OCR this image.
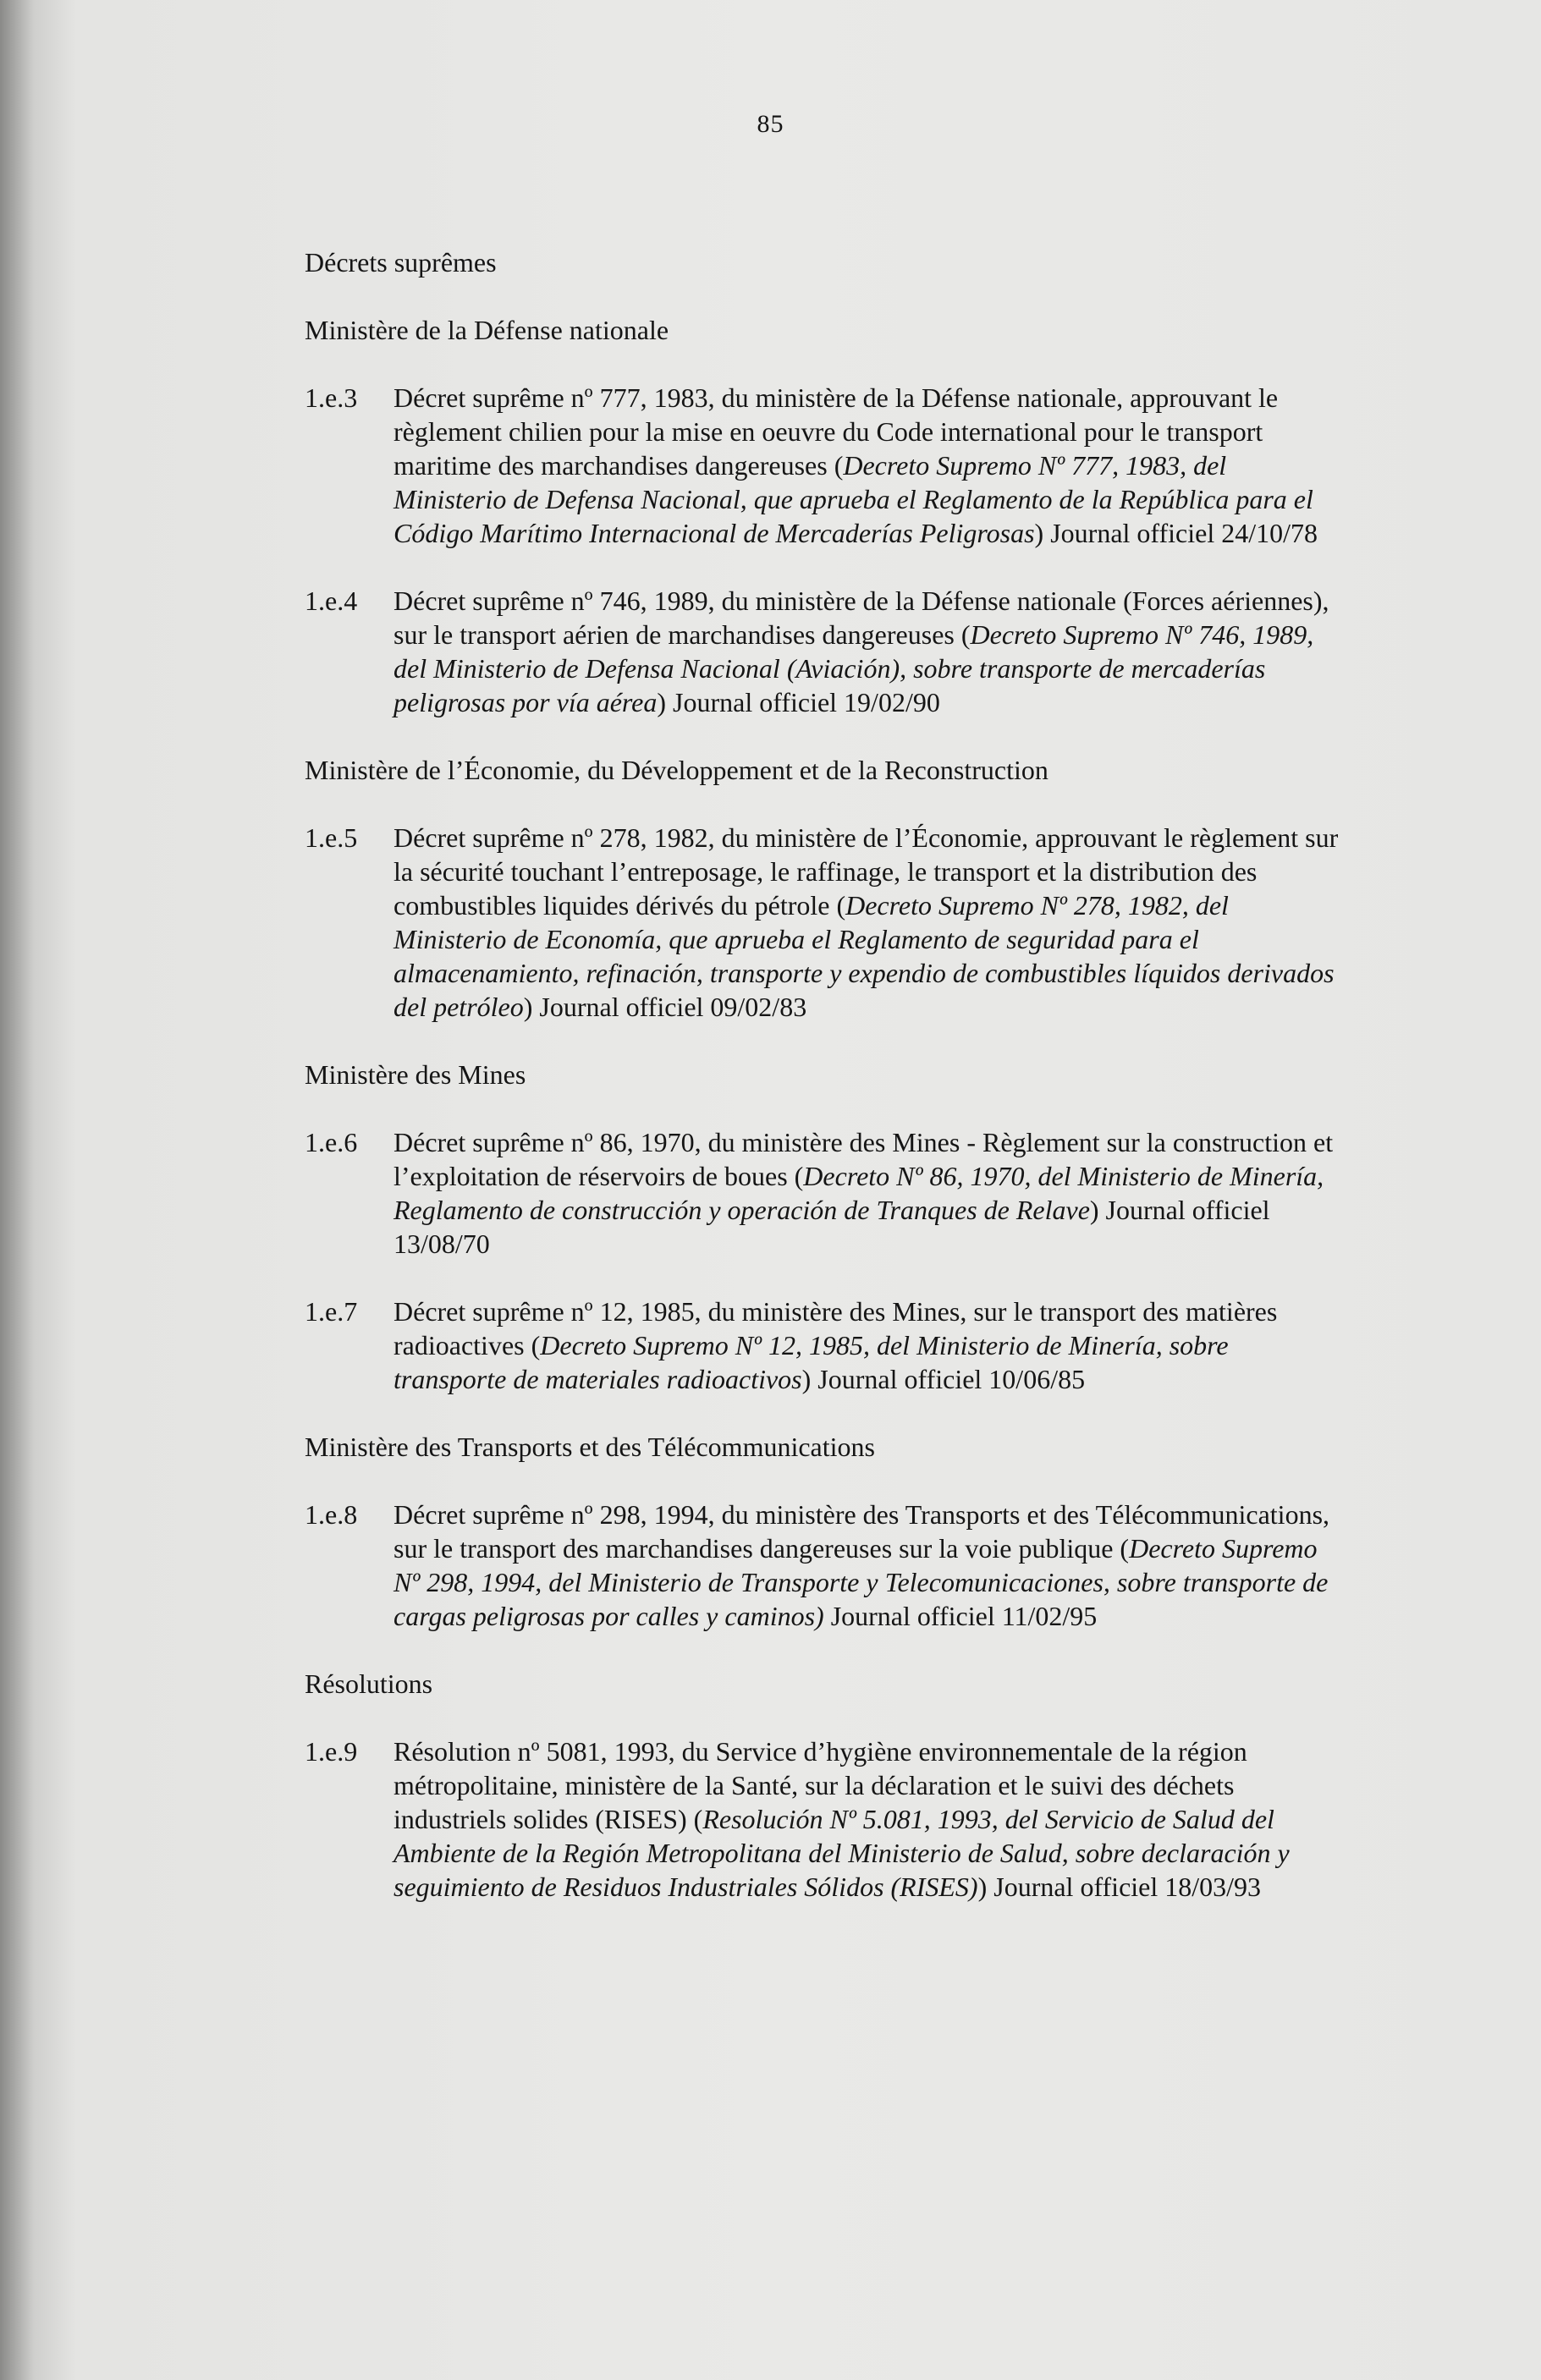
85
Décrets suprêmes
Ministère de la Défense nationale
1.e.3	Décret suprême nº 777, 1983, du ministère de la Défense nationale, approuvant le règlement chilien pour la mise en oeuvre du Code international pour le transport maritime des marchandises dangereuses (Decreto Supremo Nº 777, 1983, del Ministerio de Defensa Nacional, que aprueba el Reglamento de la República para el Código Marítimo Internacional de Mercaderías Peligrosas) Journal officiel 24/10/78
1.e.4	Décret suprême nº 746, 1989, du ministère de la Défense nationale (Forces aériennes), sur le transport aérien de marchandises dangereuses (Decreto Supremo Nº 746, 1989, del Ministerio de Defensa Nacional (Aviación), sobre transporte de mercaderías peligrosas por vía aérea) Journal officiel 19/02/90
Ministère de l’Économie, du Développement et de la Reconstruction
1.e.5	Décret suprême nº 278, 1982, du ministère de l’Économie, approuvant le règlement sur la sécurité touchant l’entreposage, le raffinage, le transport et la distribution des combustibles liquides dérivés du pétrole (Decreto Supremo Nº 278, 1982, del Ministerio de Economía, que aprueba el Reglamento de seguridad para el almacenamiento, refinación, transporte y expendio de combustibles líquidos derivados del petróleo) Journal officiel 09/02/83
Ministère des Mines
1.e.6	Décret suprême nº 86, 1970, du ministère des Mines - Règlement sur la construction et l’exploitation de réservoirs de boues (Decreto Nº 86, 1970, del Ministerio de Minería, Reglamento de construcción y operación de Tranques de Relave) Journal officiel 13/08/70
1.e.7	Décret suprême nº 12, 1985, du ministère des Mines, sur le transport des matières radioactives (Decreto Supremo Nº 12, 1985, del Ministerio de Minería, sobre transporte de materiales radioactivos) Journal officiel 10/06/85
Ministère des Transports et des Télécommunications
1.e.8	Décret suprême nº 298, 1994, du ministère des Transports et des Télécommunications, sur le transport des marchandises dangereuses sur la voie publique (Decreto Supremo Nº 298, 1994, del Ministerio de Transporte y Telecomunicaciones, sobre transporte de cargas peligrosas por calles y caminos) Journal officiel 11/02/95
Résolutions
1.e.9	Résolution nº 5081, 1993, du Service d’hygiène environnementale de la région métropolitaine, ministère de la Santé, sur la déclaration et le suivi des déchets industriels solides (RISES) (Resolución Nº 5.081, 1993, del Servicio de Salud del Ambiente de la Región Metropolitana del Ministerio de Salud, sobre declaración y seguimiento de Residuos Industriales Sólidos (RISES)) Journal officiel 18/03/93
